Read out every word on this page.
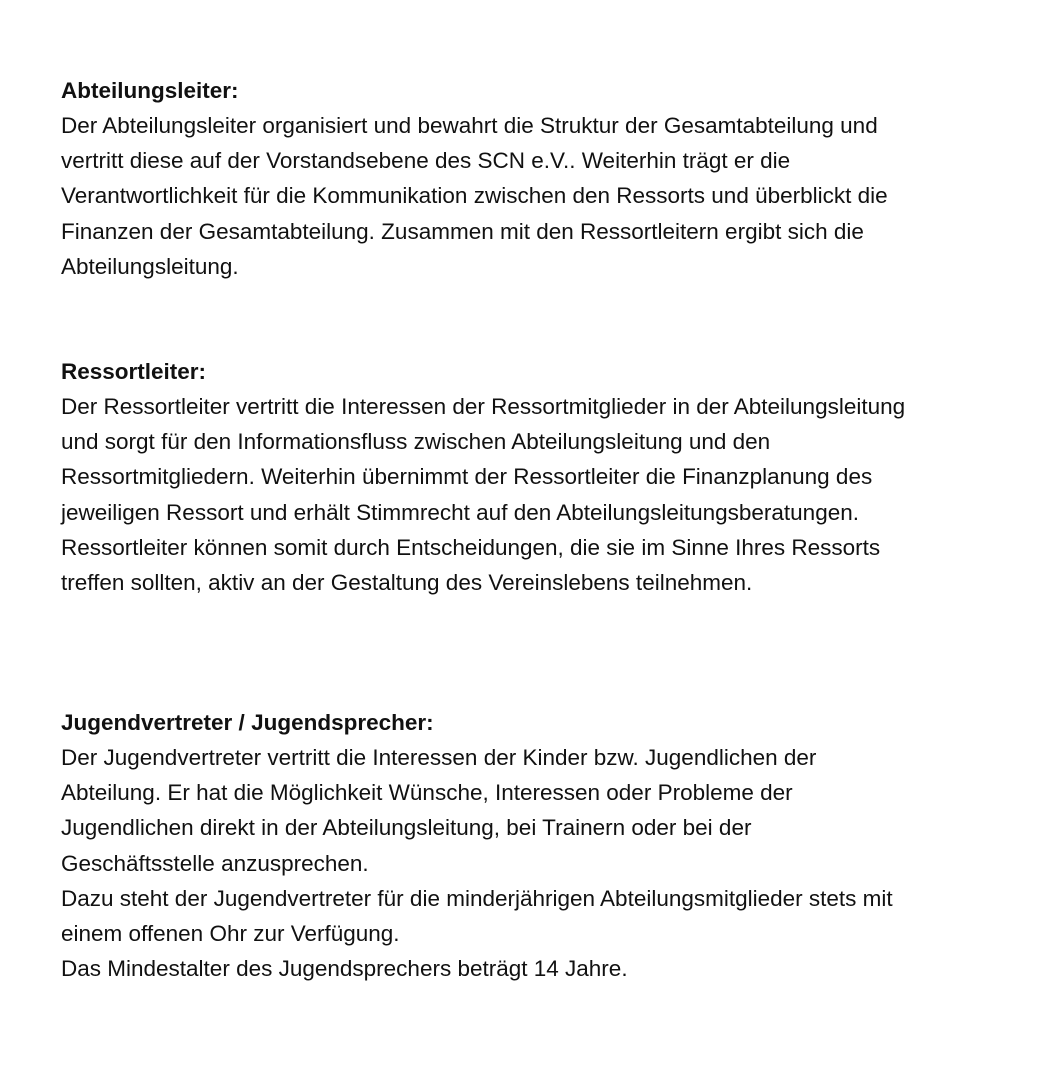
Abteilungsleiter:

Der Abteilungsleiter organisiert und bewahrt die Struktur der Gesamtabteilung und

vertritt diese auf der Vorstandsebene des SCN e.V.. Weiterhin trägt er die

Verantwortlichkeit für die Kommunikation zwischen den Ressorts und überblickt die

Finanzen der Gesamtabteilung. Zusammen mit den Ressortleitern ergibt sich die

Abteilungsleitung.

Ressortleiter:

Der Ressortleiter vertritt die Interessen der Ressortmitglieder in der Abteilungsleitung

und sorgt für den Informationsfluss zwischen Abteilungsleitung und den

Ressortmitgliedern. Weiterhin übernimmt der Ressortleiter die Finanzplanung des

jeweiligen Ressort und erhält Stimmrecht auf den Abteilungsleitungsberatungen.

Ressortleiter können somit durch Entscheidungen, die sie im Sinne Ihres Ressorts

treffen sollten, aktiv an der Gestaltung des Vereinslebens teilnehmen.

Jugendvertreter / Jugendsprecher:

Der Jugendvertreter vertritt die Interessen der Kinder bzw. Jugendlichen der

Abteilung. Er hat die Möglichkeit Wünsche, Interessen oder Probleme der

Jugendlichen direkt in der Abteilungsleitung, bei Trainern oder bei der

Geschäftsstelle anzusprechen.

Dazu steht der Jugendvertreter für die minderjährigen Abteilungsmitglieder stets mit

einem offenen Ohr zur Verfügung.

Das Mindestalter des Jugendsprechers beträgt 14 Jahre.
